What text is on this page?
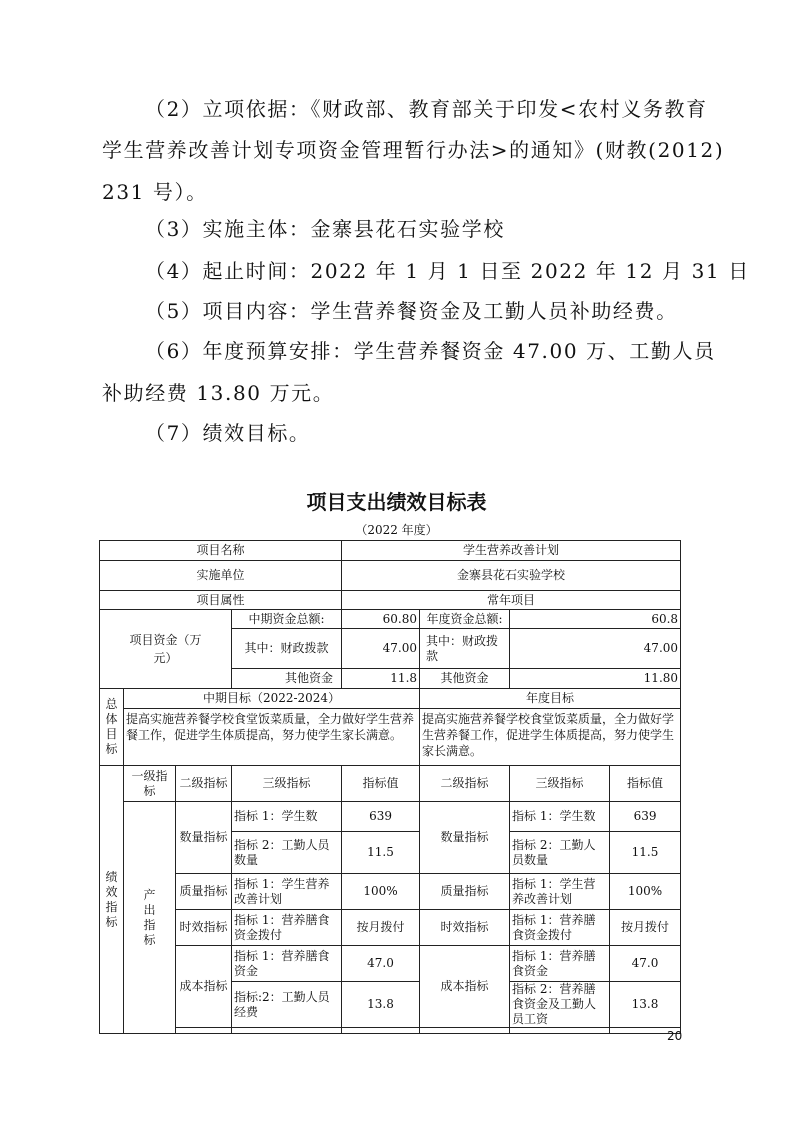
（2）立项依据：《财政部、教育部关于印发<农村义务教育
学生营养改善计划专项资金管理暂行办法>的通知》(财教(2012)
231 号）。
（3）实施主体：金寨县花石实验学校
（4）起止时间：2022 年 1 月 1 日至 2022 年 12 月 31 日
（5）项目内容：学生营养餐资金及工勤人员补助经费。
（6）年度预算安排：学生营养餐资金 47.00 万、工勤人员
补助经费 13.80 万元。
（7）绩效目标。
项目支出绩效目标表
（2022 年度）
项目名称				学生营养改善计划			
实施单位				金寨县花石实验学校			
项目属性				常年项目			

项目资金（万元）			中期资金总额:	60.80	年度资金总额:	60.8	
			其中：财政拨款	47.00	其中：财政拨款	47.00	
			其他资金	11.8	其他资金	11.80	

总体目标	中期目标（2022-2024）				年度目标		
	提高实施营养餐学校食堂饭菜质量，全力做好学生营养餐工作，促进学生体质提高，努力使学生家长满意。				提高实施营养餐学校食堂饭菜质量，全力做好学生营养餐工作，促进学生体质提高，努力使学生家长满意。		

绩效指标	一级指标	二级指标	三级指标	指标值	二级指标	三级指标	指标值

	产出指标	数量指标	指标 1：学生数	639	数量指标	指标 1：学生数	639
			指标 2：工勤人员数量	11.5		指标 2：工勤人员数量	11.5
		质量指标	指标 1：学生营养改善计划	100%	质量指标	指标 1：学生营养改善计划	100%
		时效指标	指标 1：营养膳食资金拨付	按月拨付	时效指标	指标 1：营养膳食资金拨付	按月拨付
		成本指标	指标 1：营养膳食资金	47.0	成本指标	指标 1：营养膳食资金	47.0
			指标:2：工勤人员经费	13.8		指标 2：营养膳食资金及工勤人员工资	13.8

20
